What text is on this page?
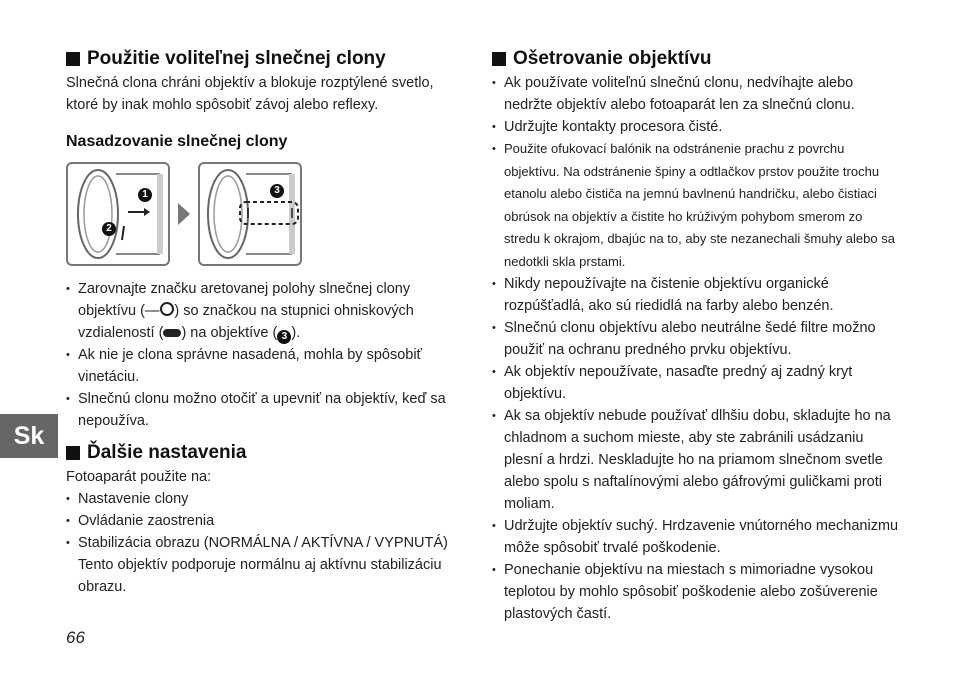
Použitie voliteľnej slnečnej clony

Slnečná clona chráni objektív a blokuje rozptýlené svetlo, ktoré by inak mohlo spôsobiť závoj alebo reflexy.

Nasadzovanie slnečnej clony
1
2
3
• Zarovnajte značku aretovanej polohy slnečnej clony objektívu (—○) so značkou na stupnici ohniskových vzdialeností ( ) na objektíve ( 3 ).
• Ak nie je clona správne nasadená, mohla by spôsobiť vinetáciu.
• Slnečnú clonu možno otočiť a upevniť na objektív, keď sa nepoužíva.
Ďalšie nastavenia

Fotoaparát použite na:

• Nastavenie clony
• Ovládanie zaostrenia
• Stabilizácia obrazu (NORMÁLNA / AKTÍVNA / VYPNUTÁ) Tento objektív podporuje normálnu aj aktívnu stabilizáciu obrazu.
Ošetrovanie objektívu
• Ak používate voliteľnú slnečnú clonu, nedvíhajte alebo nedržte objektív alebo fotoaparát len za slnečnú clonu.
• Udržujte kontakty procesora čisté.
• Použite ofukovací balónik na odstránenie prachu z povrchu objektívu. Na odstránenie špiny a odtlačkov prstov použite trochu etanolu alebo čističa na jemnú bavlnenú handričku, alebo čistiaci obrúsok na objektív a čistite ho krúživým pohybom smerom zo stredu k okrajom, dbajúc na to, aby ste nezanechali šmuhy alebo sa nedotkli skla prstami.
• Nikdy nepoužívajte na čistenie objektívu organické rozpúšťadlá, ako sú riedidlá na farby alebo benzén.
• Slnečnú clonu objektívu alebo neutrálne šedé filtre možno použiť na ochranu predného prvku objektívu.
• Ak objektív nepoužívate, nasaďte predný aj zadný kryt objektívu.
• Ak sa objektív nebude používať dlhšiu dobu, skladujte ho na chladnom a suchom mieste, aby ste zabránili usádzaniu plesní a hrdzi. Neskladujte ho na priamom slnečnom svetle alebo spolu s naftalínovými alebo gáfrovými guličkami proti moliam.
• Udržujte objektív suchý. Hrdzavenie vnútorného mechanizmu môže spôsobiť trvalé poškodenie.
• Ponechanie objektívu na miestach s mimoriadne vysokou teplotou by mohlo spôsobiť poškodenie alebo zošúverenie plastových častí.
Sk
66
